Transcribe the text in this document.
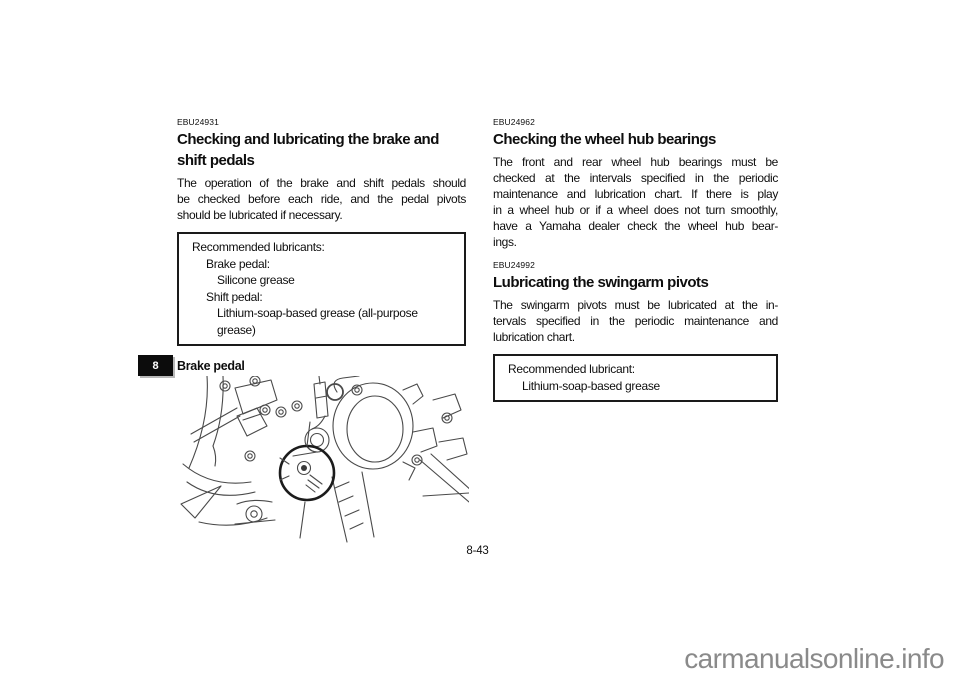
8
EBU24931
Checking and lubricating the brake and
shift pedals
The operation of the brake and shift pedals should
be checked before each ride, and the pedal pivots
should be lubricated if necessary.
Recommended lubricants:
Brake pedal:
Silicone grease
Shift pedal:
Lithium-soap-based grease (all-purpose
grease)
Brake pedal
EBU24962
Checking the wheel hub bearings
The front and rear wheel hub bearings must be
checked at the intervals specified in the periodic
maintenance and lubrication chart. If there is play
in a wheel hub or if a wheel does not turn smoothly,
have a Yamaha dealer check the wheel hub bear-
ings.
EBU24992
Lubricating the swingarm pivots
The swingarm pivots must be lubricated at the in-
tervals specified in the periodic maintenance and
lubrication chart.
Recommended lubricant:
Lithium-soap-based grease
8-43
carmanualsonline.info
